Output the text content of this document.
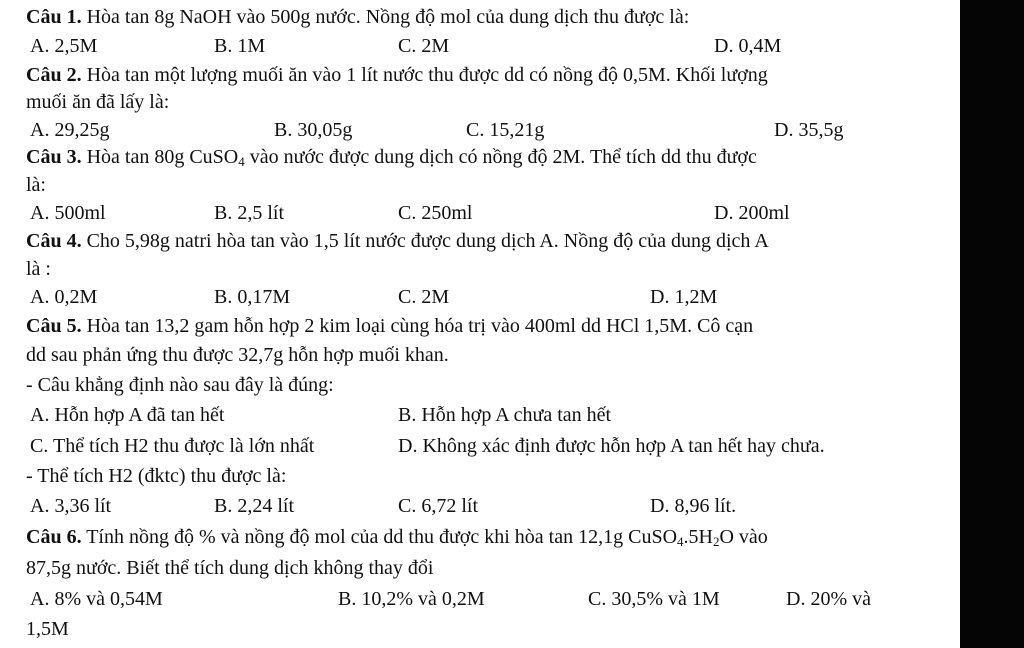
Câu 1. Hòa tan 8g NaOH vào 500g nước. Nồng độ mol của dung dịch thu được là:
A. 2,5M	B. 1M	C. 2M	D. 0,4M
Câu 2. Hòa tan một lượng muối ăn vào 1 lít nước thu được dd có nồng độ 0,5M. Khối lượng
muối ăn đã lấy là:
A. 29,25g	B. 30,05g	C. 15,21g	D. 35,5g
Câu 3. Hòa tan 80g CuSO$_4$ vào nước được dung dịch có nồng độ 2M. Thể tích dd thu được
là:
A. 500ml	B. 2,5 lít	C. 250ml	D. 200ml
Câu 4. Cho 5,98g natri hòa tan vào 1,5 lít nước được dung dịch A. Nồng độ của dung dịch A
là :
A. 0,2M	B. 0,17M	C. 2M	D. 1,2M
Câu 5. Hòa tan 13,2 gam hỗn hợp 2 kim loại cùng hóa trị vào 400ml dd HCl 1,5M. Cô cạn
dd sau phản ứng thu được 32,7g hỗn hợp muối khan.
- Câu khẳng định nào sau đây là đúng:
A. Hỗn hợp A đã tan hết	B. Hỗn hợp A chưa tan hết
C. Thể tích H2 thu được là lớn nhất	D. Không xác định được hỗn hợp A tan hết hay chưa.
- Thể tích H2 (đktc) thu được là:
A. 3,36 lít	B. 2,24 lít	C. 6,72 lít	D. 8,96 lít.
Câu 6. Tính nồng độ % và nồng độ mol của dd thu được khi hòa tan 12,1g $CuSO_4.5H_2O$ vào
87,5g nước. Biết thể tích dung dịch không thay đổi
A. 8% và 0,54M	B. 10,2% và 0,2M	C. 30,5% và 1M	D. 20% và
1,5M
